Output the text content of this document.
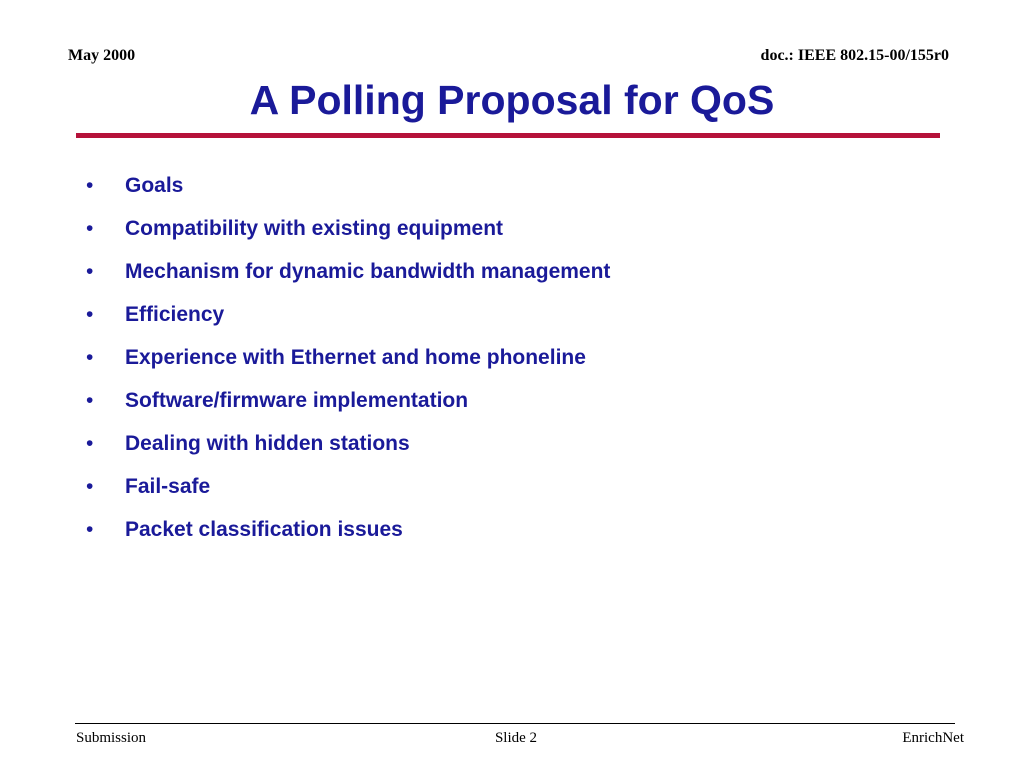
May 2000	doc.: IEEE 802.15-00/155r0
A Polling Proposal for QoS
• Goals
• Compatibility with existing equipment
• Mechanism for dynamic bandwidth management
• Efficiency
• Experience with Ethernet and home phoneline
• Software/firmware implementation
• Dealing with hidden stations
• Fail-safe
• Packet classification issues
Submission	Slide 2	EnrichNet
